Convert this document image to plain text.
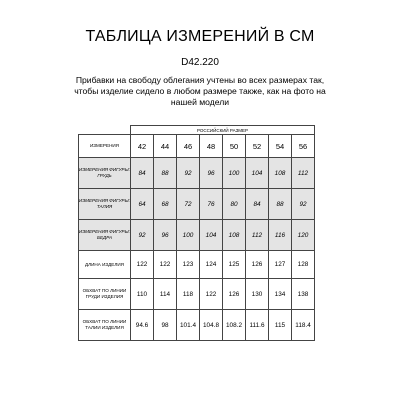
ТАБЛИЦА ИЗМЕРЕНИЙ В СМ
D42.220
Прибавки на свободу облегания учтены во всех размерах так, чтобы изделие сидело в любом размере также, как на фото на нашей модели
	РОССИЙСКИЙ РАЗМЕР							
ИЗМЕРЕНИЯ	42	44	46	48	50	52	54	56
ИЗМЕРЕНИЯ ФИГУРЫ: ГРУДЬ	84	88	92	96	100	104	108	112
ИЗМЕРЕНИЯ ФИГУРЫ: ТАЛИЯ	64	68	72	76	80	84	88	92
ИЗМЕРЕНИЯ ФИГУРЫ: БЕДРА	92	96	100	104	108	112	116	120
ДЛИНА ИЗДЕЛИЯ	122	122	123	124	125	126	127	128
ОБХВАТ ПО ЛИНИИ ГРУДИ ИЗДЕЛИЯ	110	114	118	122	126	130	134	138
ОБХВАТ ПО ЛИНИИ ТАЛИИ ИЗДЕЛИЯ	94.6	98	101.4	104.8	108.2	111.6	115	118.4
